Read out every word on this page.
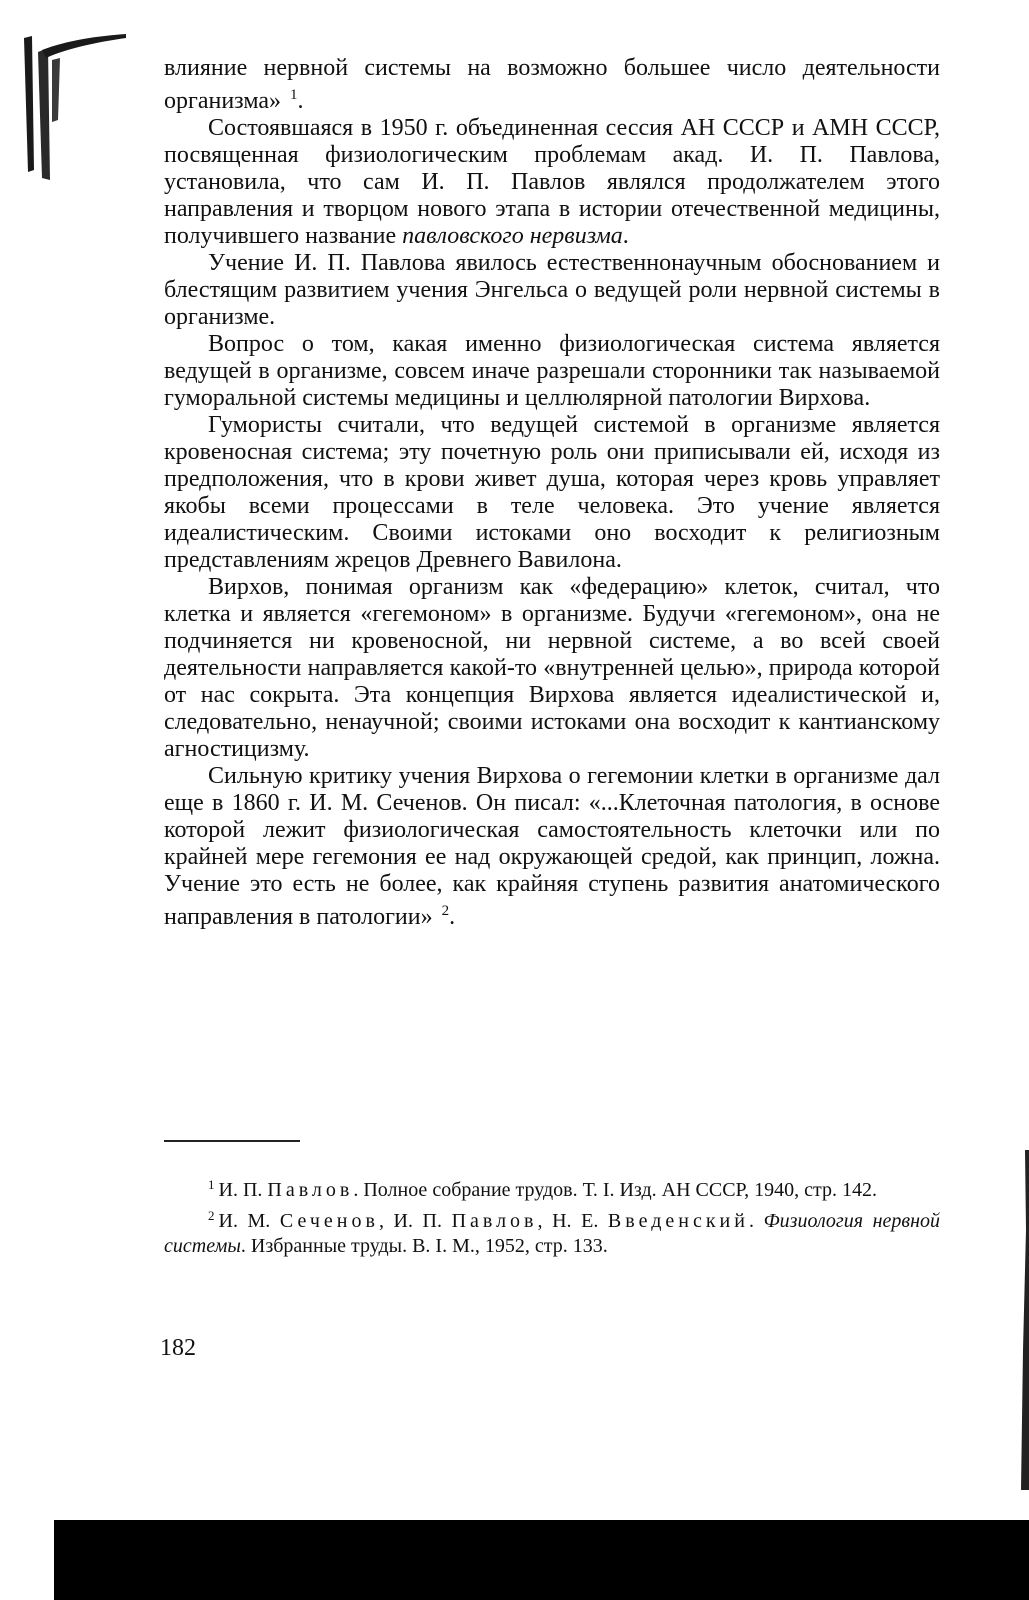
влияние нервной системы на возможно большее число деятельности организма» $^1$.

Состоявшаяся в 1950 г. объединенная сессия АН СССР и АМН СССР, посвященная физиологическим проблемам акад. И. П. Павлова, установила, что сам И. П. Павлов являлся продолжателем этого направления и творцом нового этапа в истории отечественной медицины, получившего название павловского нервизма.

Учение И. П. Павлова явилось естественнонаучным обоснованием и блестящим развитием учения Энгельса о ведущей роли нервной системы в организме.

Вопрос о том, какая именно физиологическая система является ведущей в организме, совсем иначе разрешали сторонники так называемой гуморальной системы медицины и целлюлярной патологии Вирхова.

Гумористы считали, что ведущей системой в организме является кровеносная система; эту почетную роль они приписывали ей, исходя из предположения, что в крови живет душа, которая через кровь управляет якобы всеми процессами в теле человека. Это учение является идеалистическим. Своими истоками оно восходит к религиозным представлениям жрецов Древнего Вавилона.

Вирхов, понимая организм как «федерацию» клеток, считал, что клетка и является «гегемоном» в организме. Будучи «гегемоном», она не подчиняется ни кровеносной, ни нервной системе, а во всей своей деятельности направляется какой-то «внутренней целью», природа которой от нас сокрыта. Эта концепция Вирхова является идеалистической и, следовательно, ненаучной; своими истоками она восходит к кантианскому агностицизму.

Сильную критику учения Вирхова о гегемонии клетки в организме дал еще в 1860 г. И. М. Сеченов. Он писал: «...Клеточная патология, в основе которой лежит физиологическая самостоятельность клеточки или по крайней мере гегемония ее над окружающей средой, как принцип, ложна. Учение это есть не более, как крайняя ступень развития анатомического направления в патологии» $^2$.

$^1$ И. П. Павлов. Полное собрание трудов. Т. I. Изд. АН СССР, 1940, стр. 142.

$^2$ И. М. Сеченов, И. П. Павлов, Н. Е. Введенский. Физиология нервной системы. Избранные труды. В. I. М., 1952, стр. 133.

182
